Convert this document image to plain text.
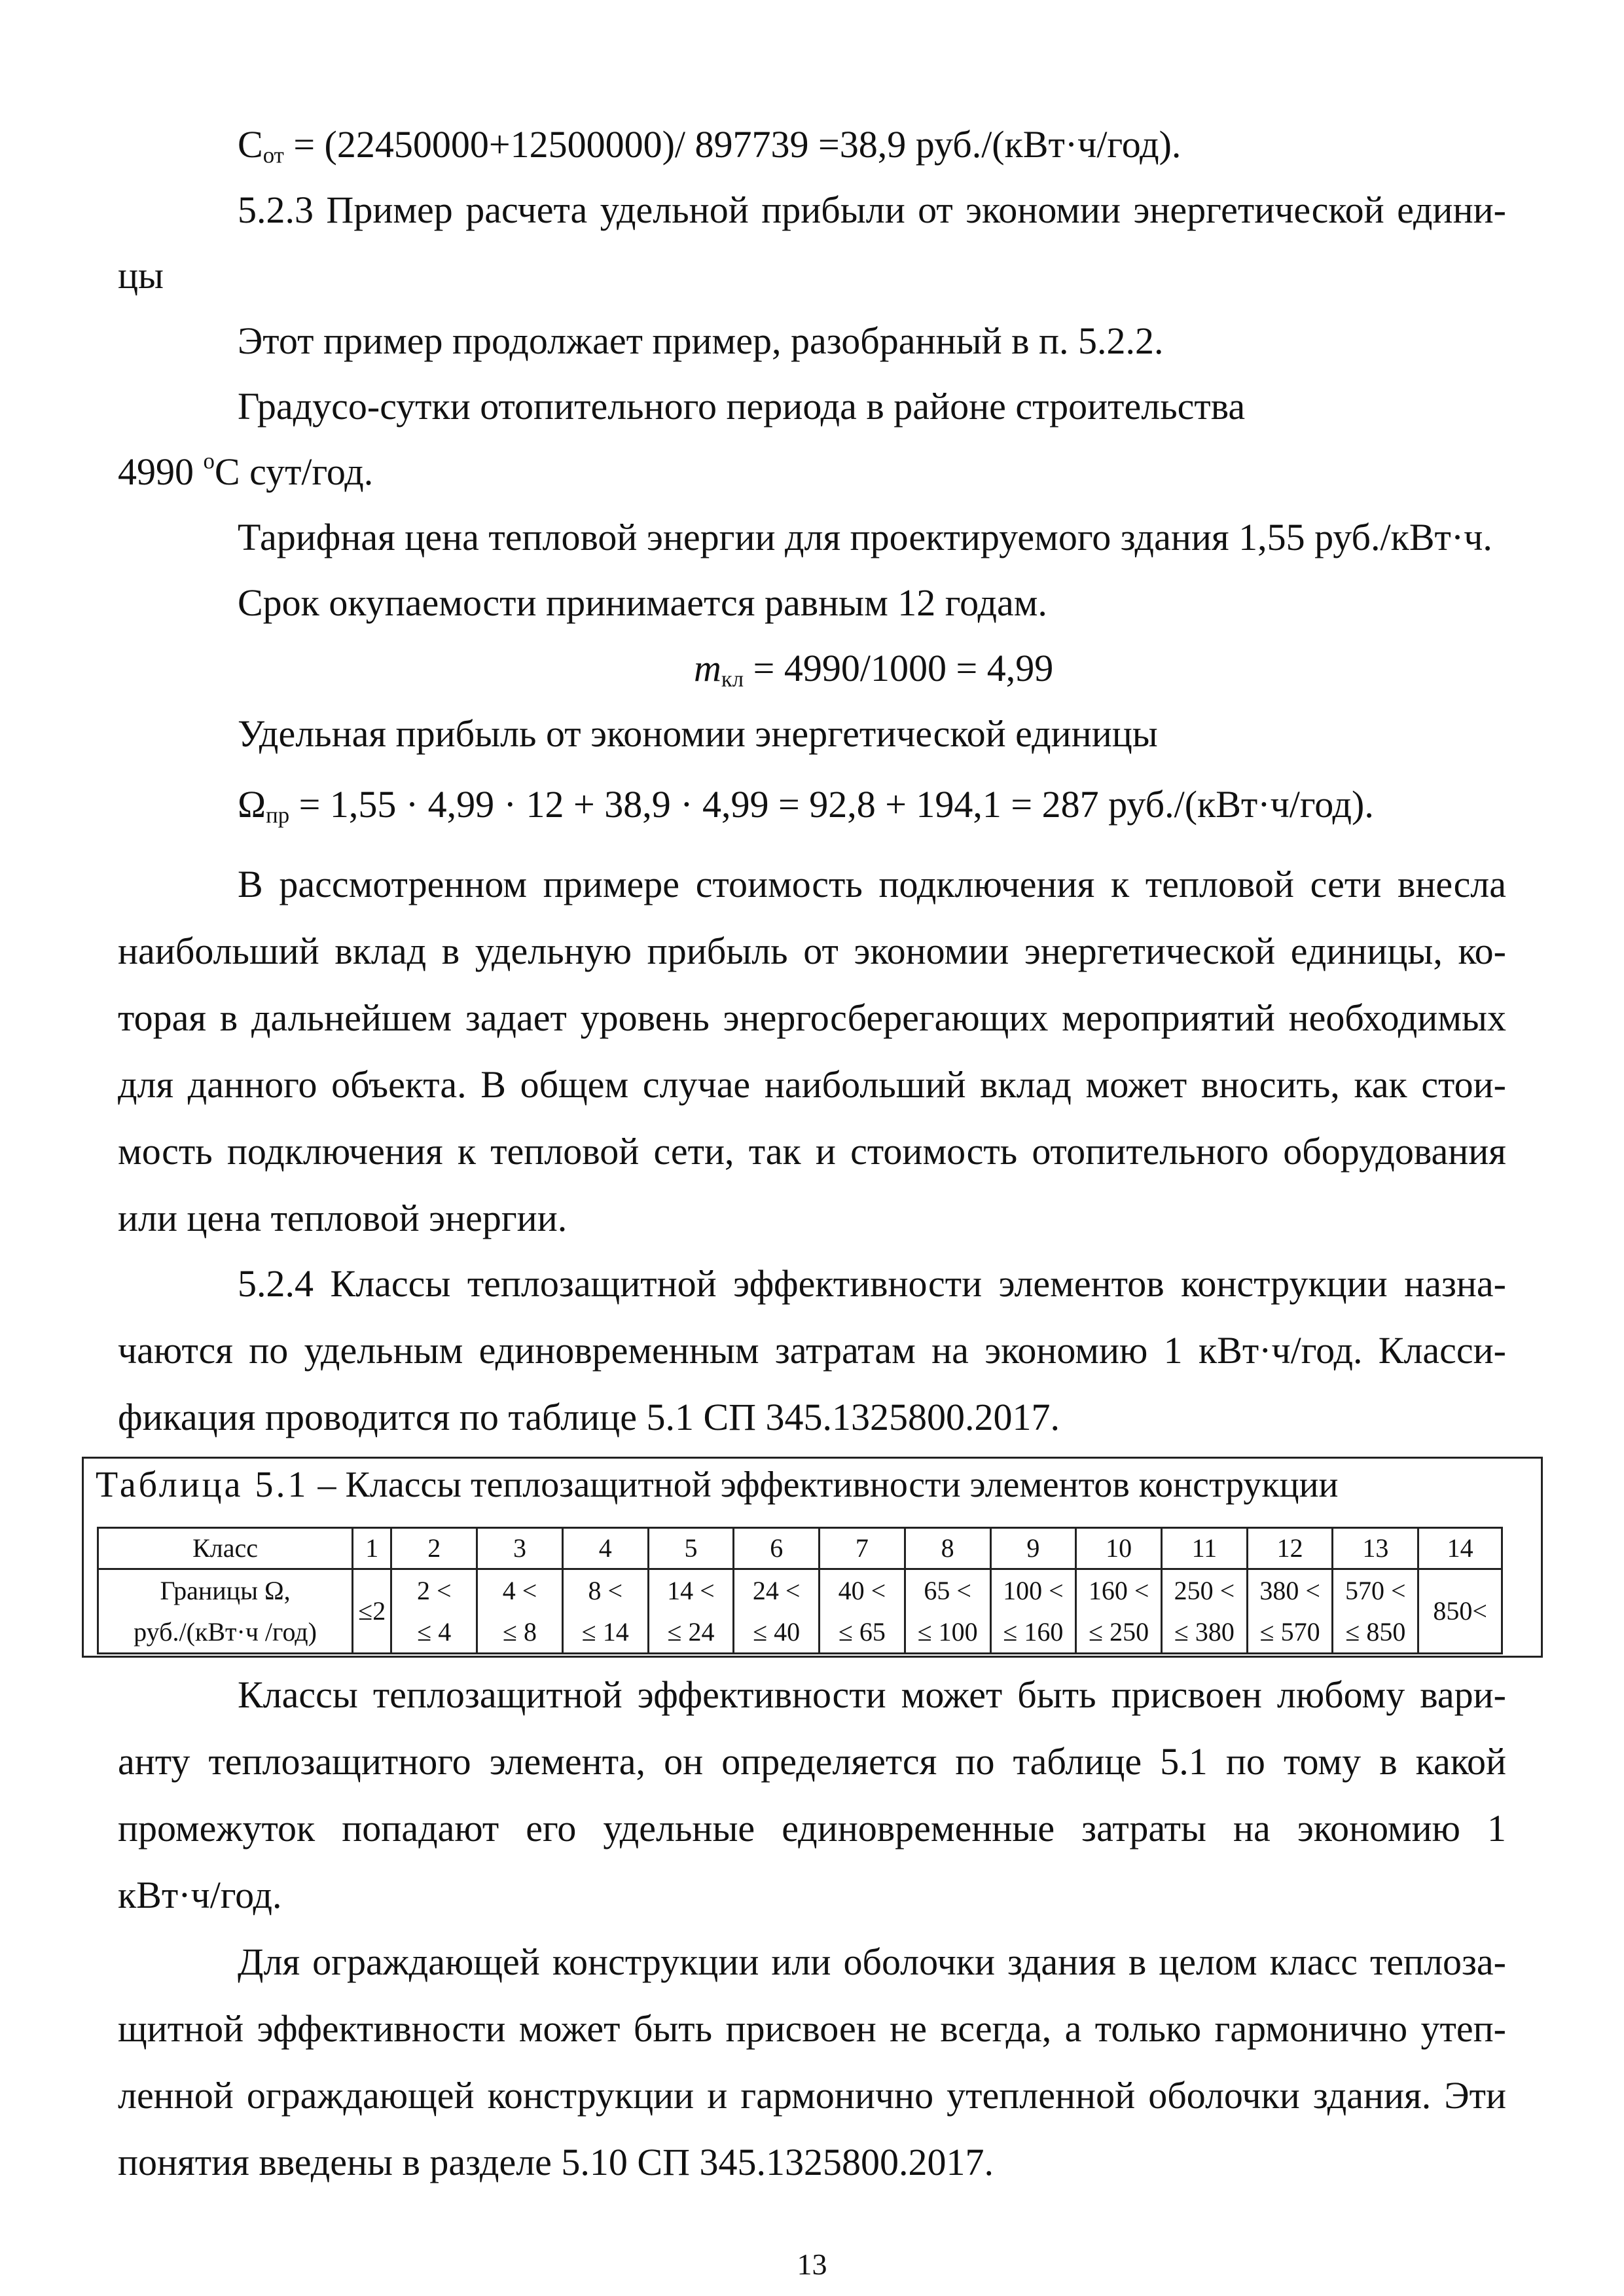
$C_{от} = (22450000+12500000)/$ 897739 =38,9 руб./(кВт·ч/год).
5.2.3 Пример расчета удельной прибыли от экономии энергетической едини-
цы
Этот пример продолжает пример, разобранный в п. 5.2.2.
Градусо-сутки отопительного периода в районе строительства
4990 $^о$С сут/год.
Тарифная цена тепловой энергии для проектируемого здания 1,55 руб./кВт·ч.
Срок окупаемости принимается равным 12 годам.
$m_{кл} = 4990/1000 = 4,99$
Удельная прибыль от экономии энергетической единицы
$\Omega_{пр} = 1,55 \cdot 4,99 \cdot 12 + 38,9 \cdot 4,99 = 92,8 + 194,1 = 287$ руб./(кВт·ч/год).
В рассмотренном примере стоимость подключения к тепловой сети внесла
наибольший вклад в удельную прибыль от экономии энергетической единицы, ко-
торая в дальнейшем задает уровень энергосберегающих мероприятий необходимых
для данного объекта. В общем случае наибольший вклад может вносить, как стои-
мость подключения к тепловой сети, так и стоимость отопительного оборудования
или цена тепловой энергии.
5.2.4 Классы теплозащитной эффективности элементов конструкции назна-
чаются по удельным единовременным затратам на экономию 1 кВт·ч/год. Класси-
фикация проводится по таблице 5.1 СП 345.1325800.2017.
Таблица 5.1 – Классы теплозащитной эффективности элементов конструкции
Класс	1	2	3	4	5	6	7	8	9	10	11	12	13	14

Границы Ω,
руб./(кВт·ч /год)	≤2	2 <
≤ 4	4 <
≤ 8	8 <
≤ 14	14 <
≤ 24	24 <
≤ 40	40 <
≤ 65	65 <
≤ 100	100 <
≤ 160	160 <
≤ 250	250 <
≤ 380	380 <
≤ 570	570 <
≤ 850	850<
Классы теплозащитной эффективности может быть присвоен любому вари-
анту теплозащитного элемента, он определяется по таблице 5.1 по тому в какой
промежуток попадают его удельные единовременные затраты на экономию 1
кВт·ч/год.
Для ограждающей конструкции или оболочки здания в целом класс теплоза-
щитной эффективности может быть присвоен не всегда, а только гармонично утеп-
ленной ограждающей конструкции и гармонично утепленной оболочки здания. Эти
понятия введены в разделе 5.10 СП 345.1325800.2017.
13
